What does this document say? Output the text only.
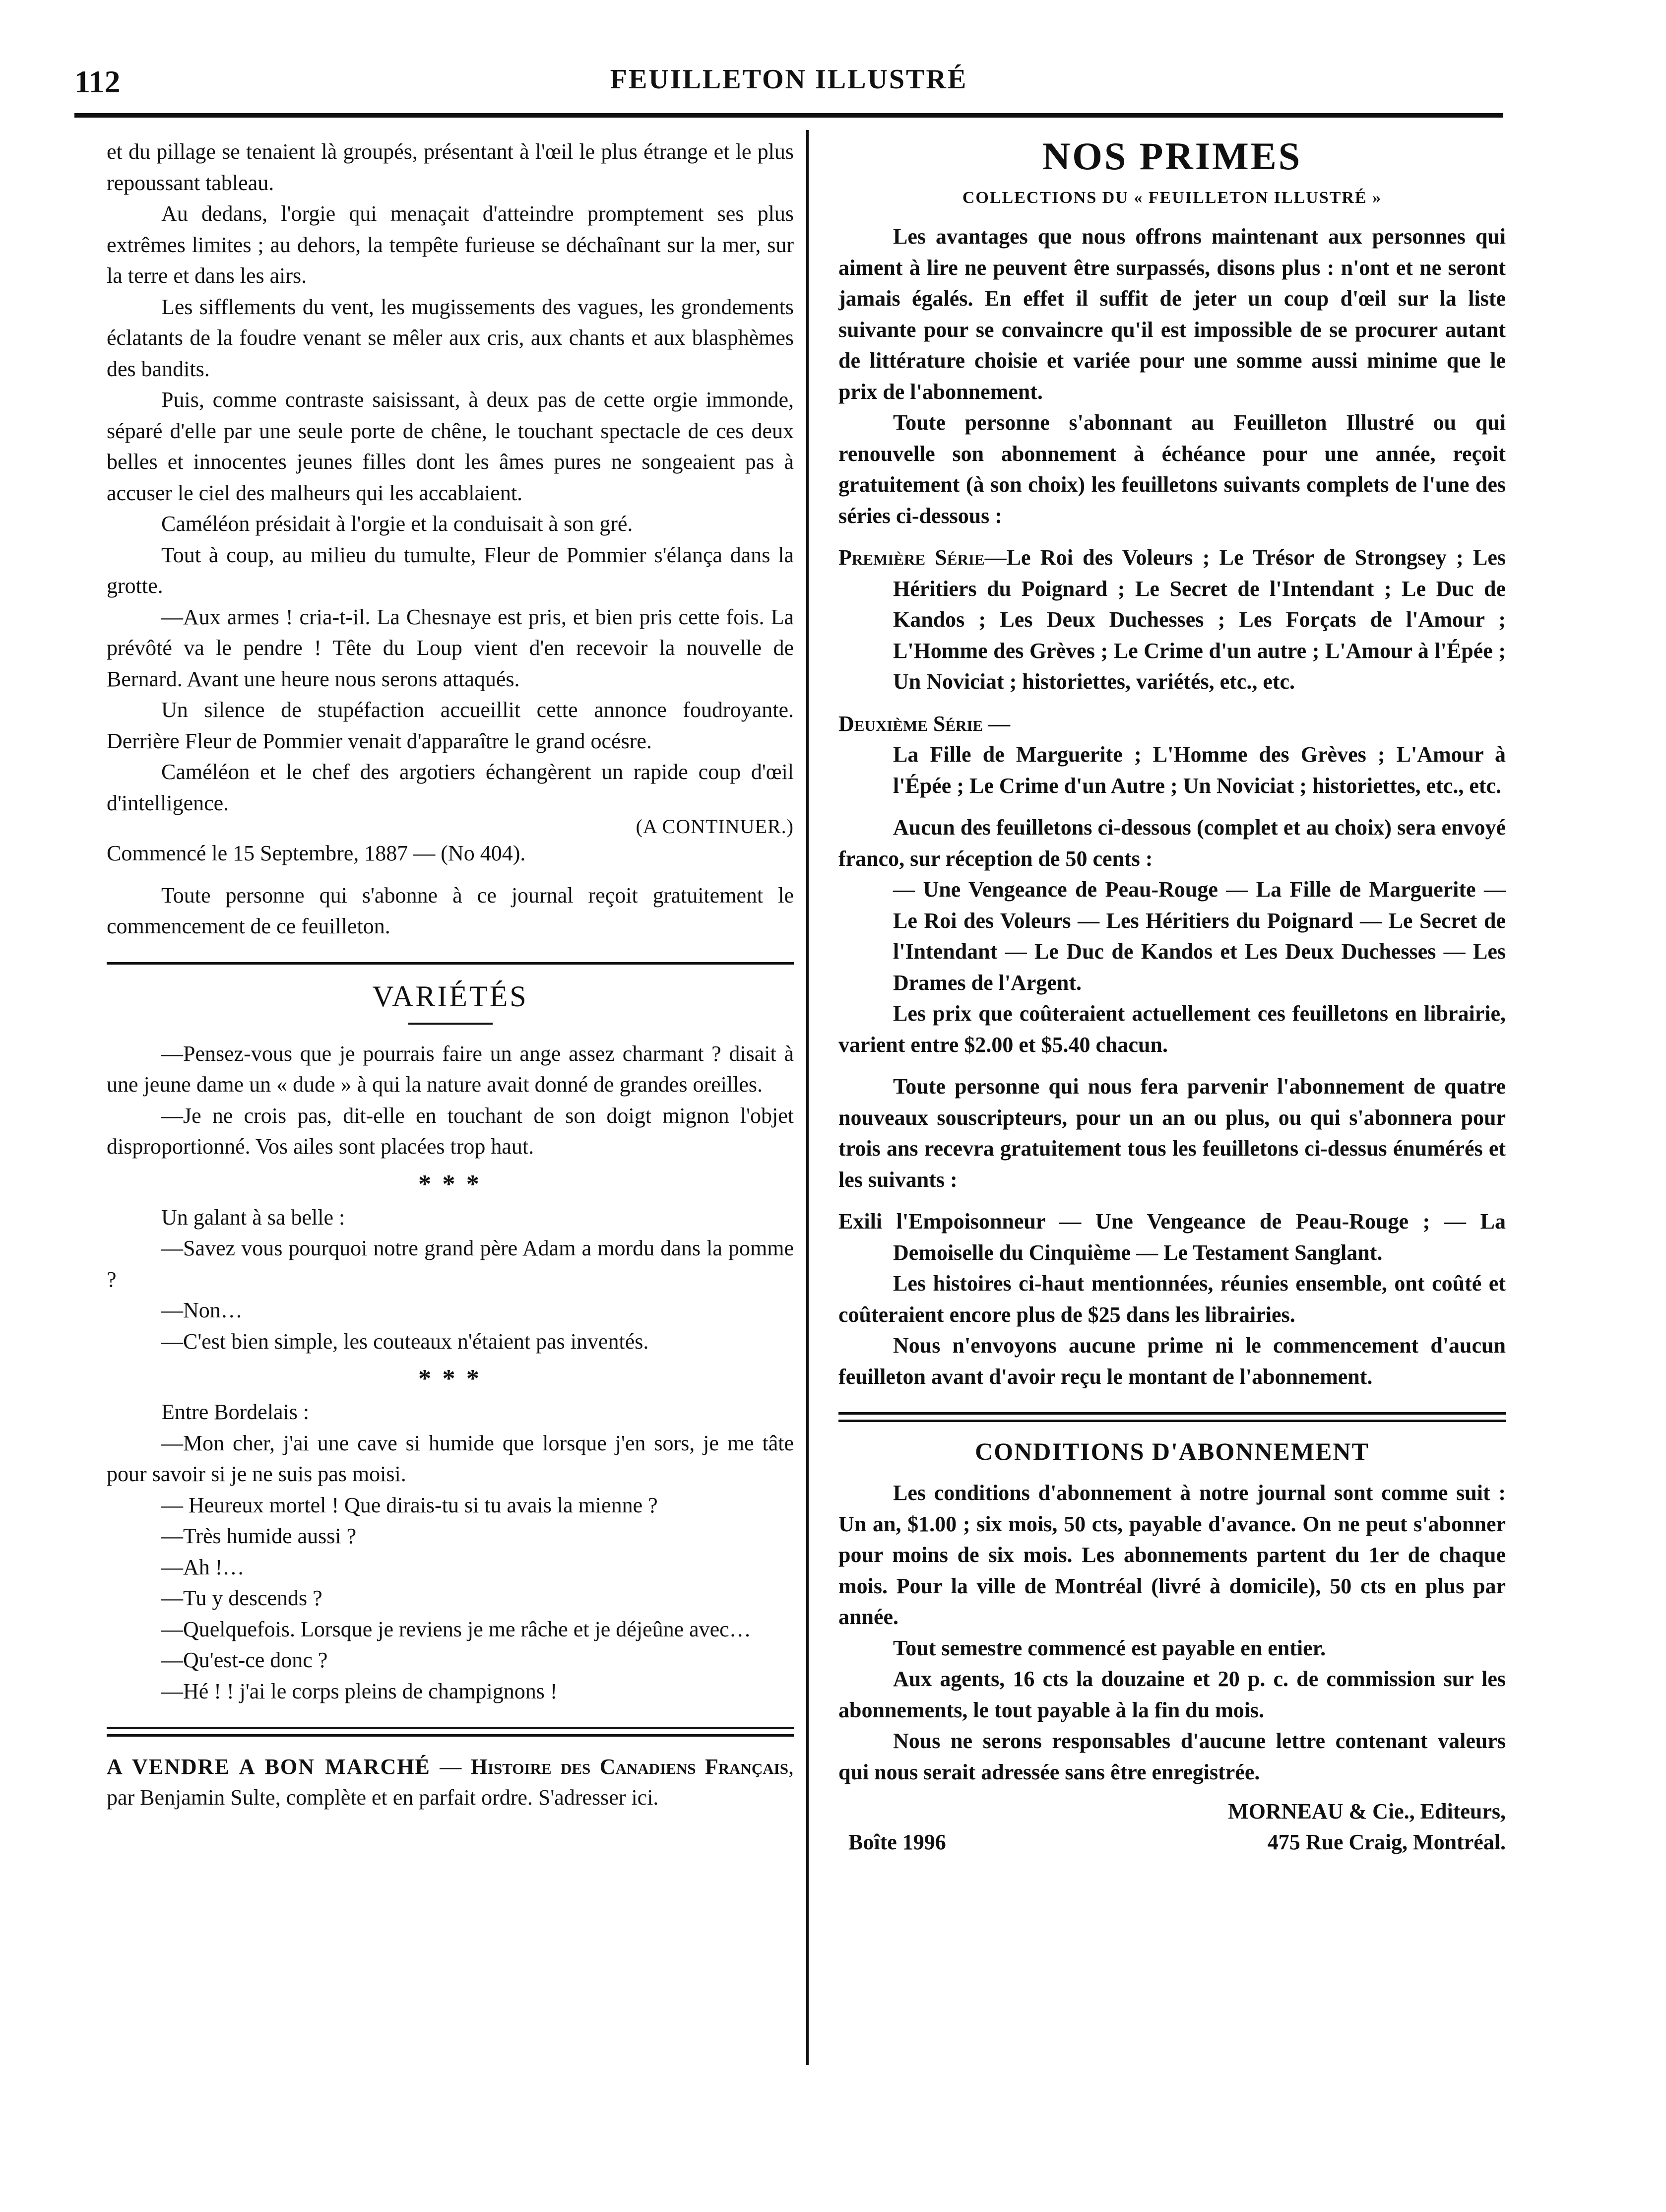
112	FEUILLETON ILLUSTRÉ

et du pillage se tenaient là groupés, présentant à l'œil le plus étrange et le plus repoussant tableau.

Au dedans, l'orgie qui menaçait d'atteindre promptement ses plus extrêmes limites ; au dehors, la tempête furieuse se déchaînant sur la mer, sur la terre et dans les airs.

Les sifflements du vent, les mugissements des vagues, les grondements éclatants de la foudre venant se mêler aux cris, aux chants et aux blasphèmes des bandits.

Puis, comme contraste saisissant, à deux pas de cette orgie immonde, séparé d'elle par une seule porte de chêne, le touchant spectacle de ces deux belles et innocentes jeunes filles dont les âmes pures ne songeaient pas à accuser le ciel des malheurs qui les accablaient.

Caméléon présidait à l'orgie et la conduisait à son gré.

Tout à coup, au milieu du tumulte, Fleur de Pommier s'élança dans la grotte.

—Aux armes ! cria-t-il. La Chesnaye est pris, et bien pris cette fois. La prévôté va le pendre ! Tête du Loup vient d'en recevoir la nouvelle de Bernard. Avant une heure nous serons attaqués.

Un silence de stupéfaction accueillit cette annonce foudroyante. Derrière Fleur de Pommier venait d'apparaître le grand océsre.

Caméléon et le chef des argotiers échangèrent un rapide coup d'œil d'intelligence.

(A CONTINUER.)

Commencé le 15 Septembre, 1887 — (No 404).

Toute personne qui s'abonne à ce journal reçoit gratuitement le commencement de ce feuilleton.

VARIÉTÉS

—Pensez-vous que je pourrais faire un ange assez charmant ? disait à une jeune dame un « dude » à qui la nature avait donné de grandes oreilles.

—Je ne crois pas, dit-elle en touchant de son doigt mignon l'objet disproportionné. Vos ailes sont placées trop haut.

* * *

Un galant à sa belle :

—Savez vous pourquoi notre grand père Adam a mordu dans la pomme ?

—Non…

—C'est bien simple, les couteaux n'étaient pas inventés.

* * *

Entre Bordelais :

—Mon cher, j'ai une cave si humide que lorsque j'en sors, je me tâte pour savoir si je ne suis pas moisi.

— Heureux mortel ! Que dirais-tu si tu avais la mienne ?

—Très humide aussi ?

—Ah !…

—Tu y descends ?

—Quelquefois. Lorsque je reviens je me râche et je déjeûne avec…

—Qu'est-ce donc ?

—Hé ! ! j'ai le corps pleins de champignons !

A VENDRE A BON MARCHÉ — Histoire des Canadiens Français, par Benjamin Sulte, complète et en parfait ordre. S'adresser ici.

NOS PRIMES
COLLECTIONS DU « FEUILLETON ILLUSTRÉ »

Les avantages que nous offrons maintenant aux personnes qui aiment à lire ne peuvent être surpassés, disons plus : n'ont et ne seront jamais égalés. En effet il suffit de jeter un coup d'œil sur la liste suivante pour se convaincre qu'il est impossible de se procurer autant de littérature choisie et variée pour une somme aussi minime que le prix de l'abonnement.

Toute personne s'abonnant au Feuilleton Illustré ou qui renouvelle son abonnement à échéance pour une année, reçoit gratuitement (à son choix) les feuilletons suivants complets de l'une des séries ci-dessous :

Première Série—Le Roi des Voleurs ; Le Trésor de Strongsey ; Les Héritiers du Poignard ; Le Secret de l'Intendant ; Le Duc de Kandos ; Les Deux Duchesses ; Les Forçats de l'Amour ; L'Homme des Grèves ; Le Crime d'un autre ; L'Amour à l'Épée ; Un Noviciat ; historiettes, variétés, etc., etc.

Deuxième Série —

La Fille de Marguerite ; L'Homme des Grèves ; L'Amour à l'Épée ; Le Crime d'un Autre ; Un Noviciat ; historiettes, etc., etc.

Aucun des feuilletons ci-dessous (complet et au choix) sera envoyé franco, sur réception de 50 cents :

— Une Vengeance de Peau-Rouge — La Fille de Marguerite — Le Roi des Voleurs — Les Héritiers du Poignard — Le Secret de l'Intendant — Le Duc de Kandos et Les Deux Duchesses — Les Drames de l'Argent.

Les prix que coûteraient actuellement ces feuilletons en librairie, varient entre $2.00 et $5.40 chacun.

Toute personne qui nous fera parvenir l'abonnement de quatre nouveaux souscripteurs, pour un an ou plus, ou qui s'abonnera pour trois ans recevra gratuitement tous les feuilletons ci-dessus énumérés et les suivants :

Exili l'Empoisonneur — Une Vengeance de Peau-Rouge ; — La Demoiselle du Cinquième — Le Testament Sanglant.

Les histoires ci-haut mentionnées, réunies ensemble, ont coûté et coûteraient encore plus de $25 dans les librairies.

Nous n'envoyons aucune prime ni le commencement d'aucun feuilleton avant d'avoir reçu le montant de l'abonnement.

CONDITIONS D'ABONNEMENT

Les conditions d'abonnement à notre journal sont comme suit : Un an, $1.00 ; six mois, 50 cts, payable d'avance. On ne peut s'abonner pour moins de six mois. Les abonnements partent du 1er de chaque mois. Pour la ville de Montréal (livré à domicile), 50 cts en plus par année.

Tout semestre commencé est payable en entier.

Aux agents, 16 cts la douzaine et 20 p. c. de commission sur les abonnements, le tout payable à la fin du mois.

Nous ne serons responsables d'aucune lettre contenant valeurs qui nous serait adressée sans être enregistrée.

MORNEAU & Cie., Editeurs,
Boîte 1996	475 Rue Craig, Montréal.
